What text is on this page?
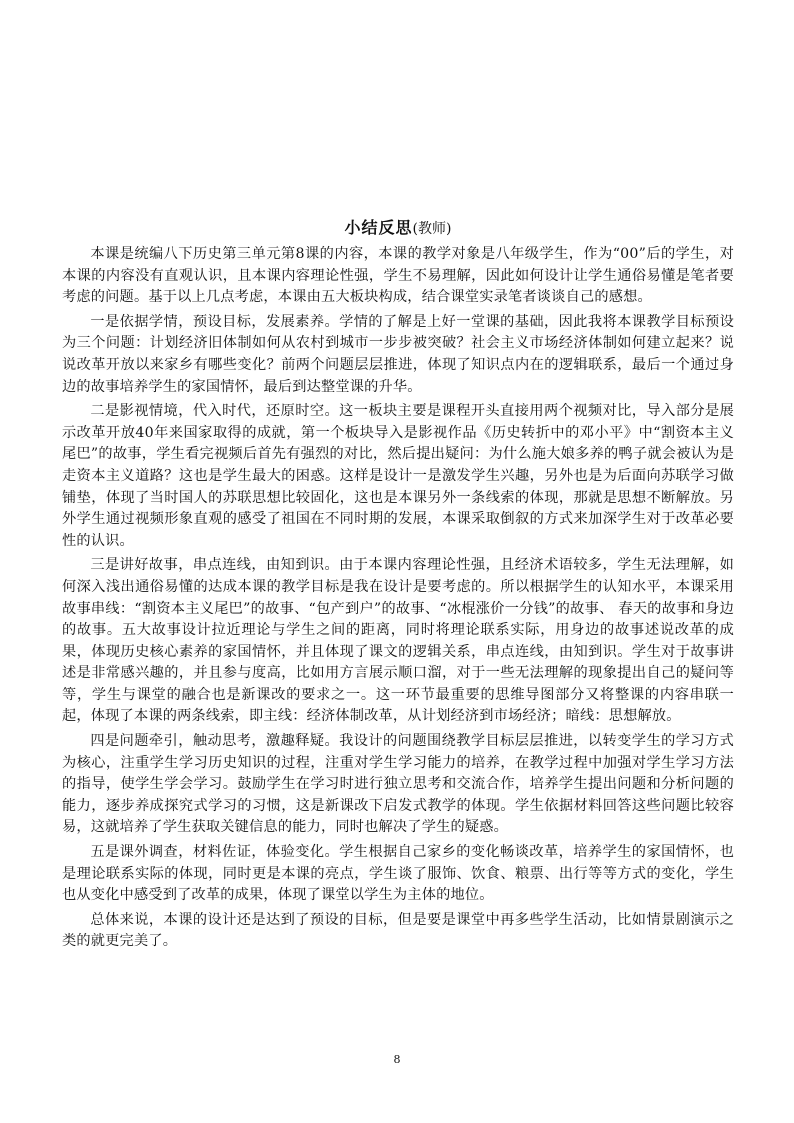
小结反思(教师)

本课是统编八下历史第三单元第8课的内容，本课的教学对象是八年级学生，作为“00”后的学生，对本课的内容没有直观认识，且本课内容理论性强，学生不易理解，因此如何设计让学生通俗易懂是笔者要考虑的问题。基于以上几点考虑，本课由五大板块构成，结合课堂实录笔者谈谈自己的感想。

一是依据学情，预设目标，发展素养。学情的了解是上好一堂课的基础，因此我将本课教学目标预设为三个问题：计划经济旧体制如何从农村到城市一步步被突破？社会主义市场经济体制如何建立起来？说说改革开放以来家乡有哪些变化？前两个问题层层推进，体现了知识点内在的逻辑联系，最后一个通过身边的故事培养学生的家国情怀，最后到达整堂课的升华。

二是影视情境，代入时代，还原时空。这一板块主要是课程开头直接用两个视频对比，导入部分是展示改革开放40年来国家取得的成就，第一个板块导入是影视作品《历史转折中的邓小平》中“割资本主义尾巴”的故事，学生看完视频后首先有强烈的对比，然后提出疑问：为什么施大娘多养的鸭子就会被认为是走资本主义道路？这也是学生最大的困惑。这样是设计一是激发学生兴趣，另外也是为后面向苏联学习做铺垫，体现了当时国人的苏联思想比较固化，这也是本课另外一条线索的体现，那就是思想不断解放。另外学生通过视频形象直观的感受了祖国在不同时期的发展，本课采取倒叙的方式来加深学生对于改革必要性的认识。

三是讲好故事，串点连线，由知到识。由于本课内容理论性强，且经济术语较多，学生无法理解，如何深入浅出通俗易懂的达成本课的教学目标是我在设计是要考虑的。所以根据学生的认知水平，本课采用故事串线：“割资本主义尾巴”的故事、“包产到户”的故事、“冰棍涨价一分钱”的故事、 春天的故事和身边的故事。五大故事设计拉近理论与学生之间的距离，同时将理论联系实际，用身边的故事述说改革的成果，体现历史核心素养的家国情怀，并且体现了课文的逻辑关系，串点连线，由知到识。学生对于故事讲述是非常感兴趣的，并且参与度高，比如用方言展示顺口溜，对于一些无法理解的现象提出自己的疑问等等，学生与课堂的融合也是新课改的要求之一。这一环节最重要的思维导图部分又将整课的内容串联一起，体现了本课的两条线索，即主线：经济体制改革，从计划经济到市场经济；暗线：思想解放。

四是问题牵引，触动思考，激趣释疑。我设计的问题围绕教学目标层层推进，以转变学生的学习方式为核心，注重学生学习历史知识的过程，注重对学生学习能力的培养，在教学过程中加强对学生学习方法的指导，使学生学会学习。鼓励学生在学习时进行独立思考和交流合作，培养学生提出问题和分析问题的能力，逐步养成探究式学习的习惯，这是新课改下启发式教学的体现。学生依据材料回答这些问题比较容易，这就培养了学生获取关键信息的能力，同时也解决了学生的疑惑。

五是课外调查，材料佐证，体验变化。学生根据自己家乡的变化畅谈改革，培养学生的家国情怀，也是理论联系实际的体现，同时更是本课的亮点，学生谈了服饰、饮食、粮票、出行等等方式的变化，学生也从变化中感受到了改革的成果，体现了课堂以学生为主体的地位。

总体来说，本课的设计还是达到了预设的目标，但是要是课堂中再多些学生活动，比如情景剧演示之类的就更完美了。

8
